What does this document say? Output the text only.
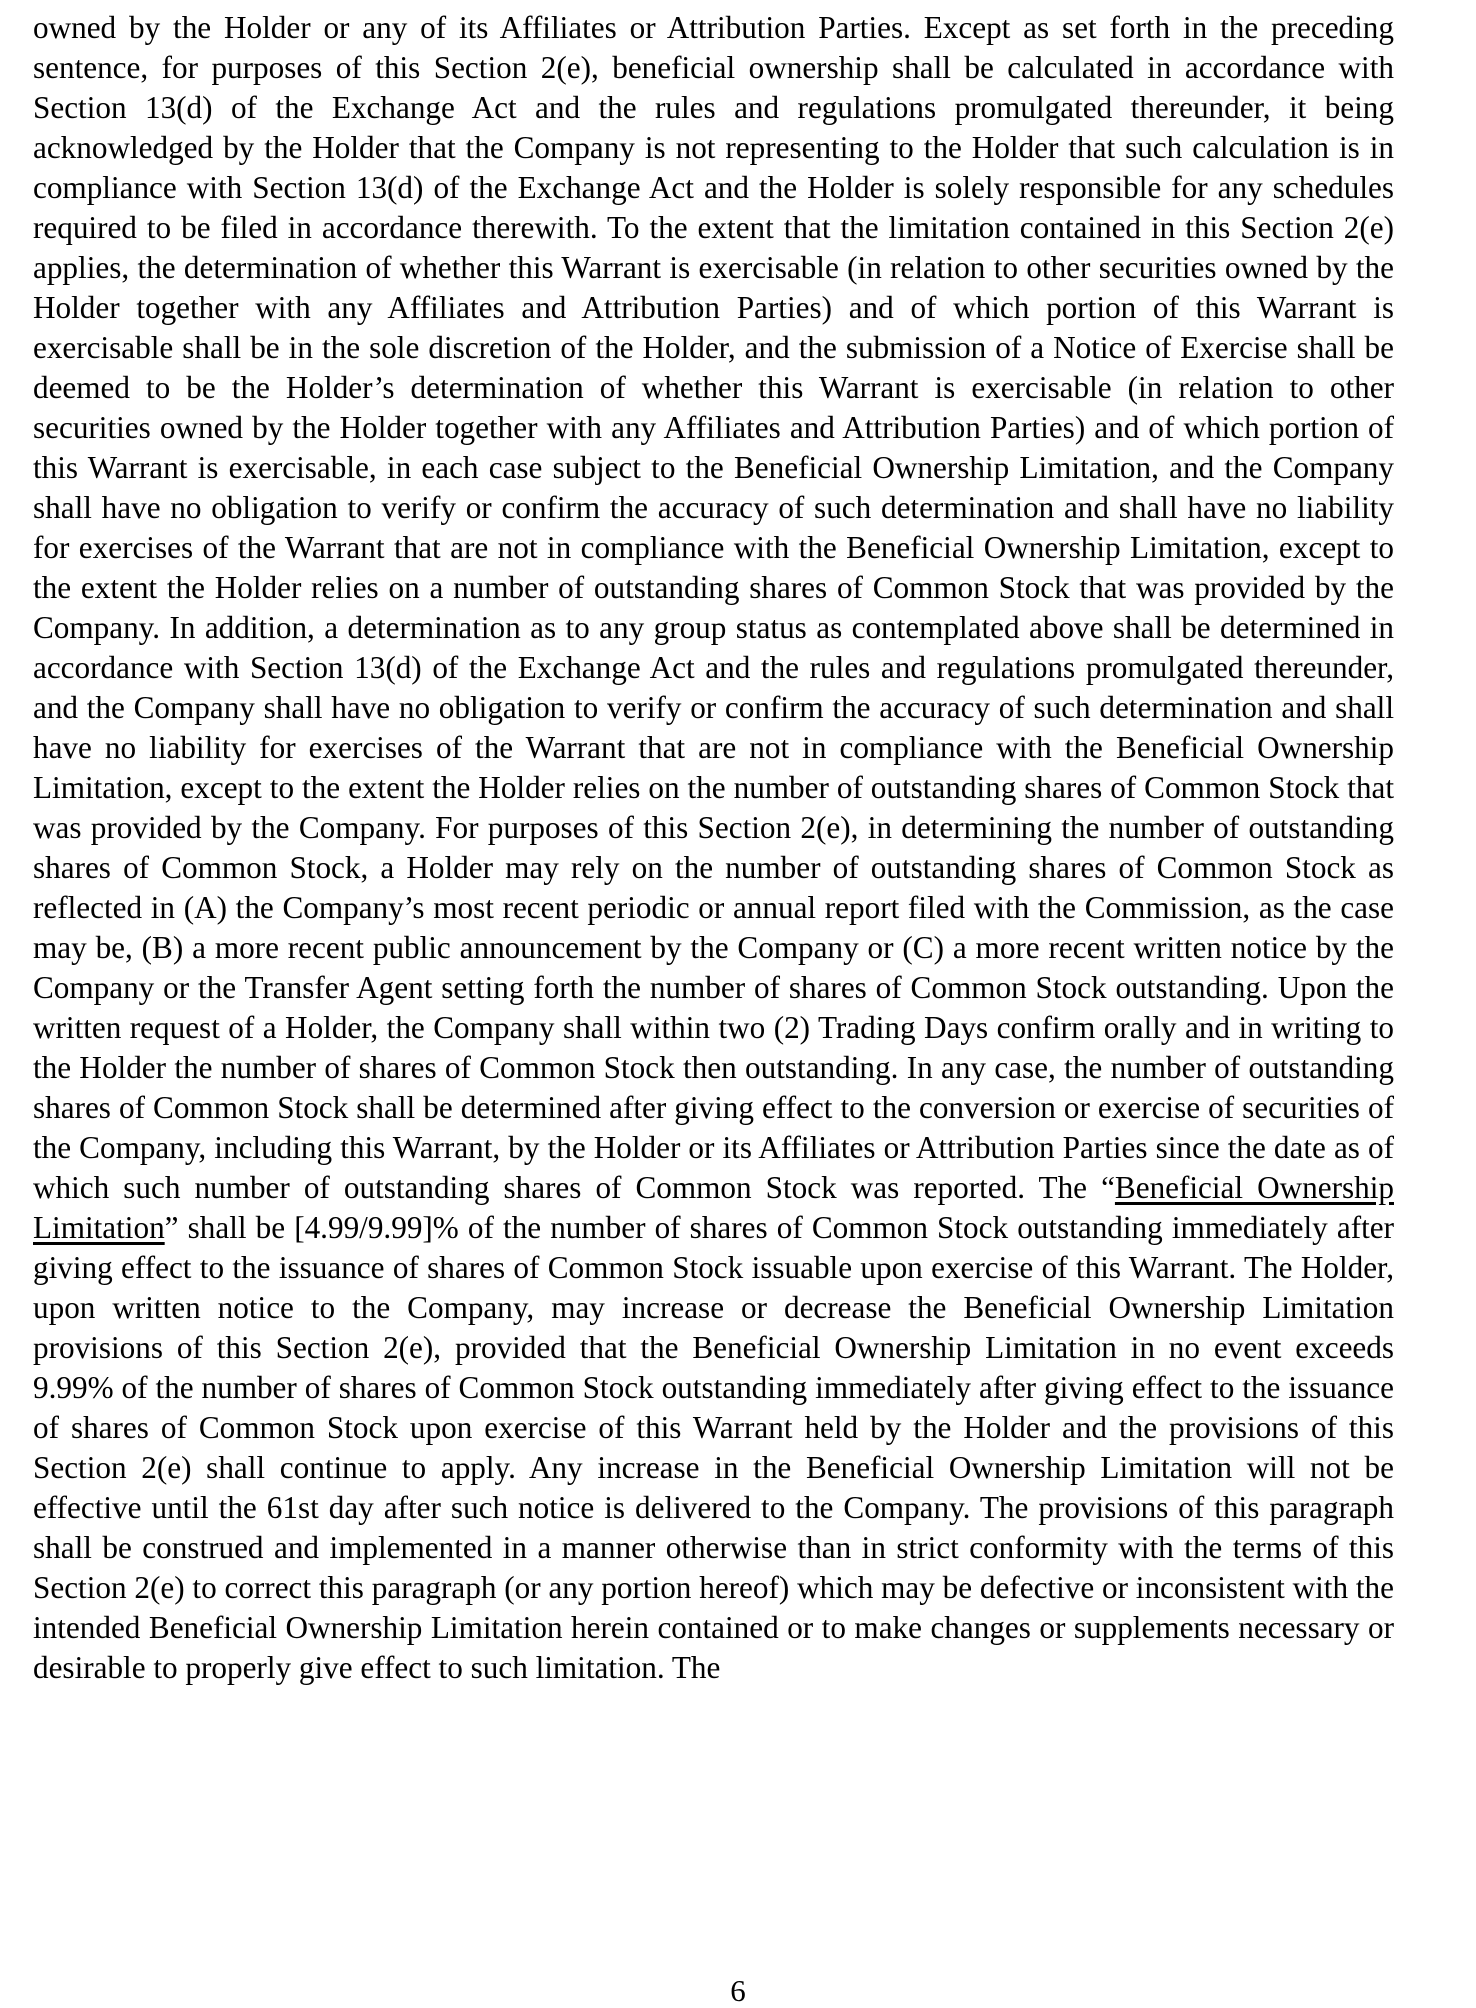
owned by the Holder or any of its Affiliates or Attribution Parties. Except as set forth in the preceding sentence, for purposes of this Section 2(e), beneficial ownership shall be calculated in accordance with Section 13(d) of the Exchange Act and the rules and regulations promulgated thereunder, it being acknowledged by the Holder that the Company is not representing to the Holder that such calculation is in compliance with Section 13(d) of the Exchange Act and the Holder is solely responsible for any schedules required to be filed in accordance therewith. To the extent that the limitation contained in this Section 2(e) applies, the determination of whether this Warrant is exercisable (in relation to other securities owned by the Holder together with any Affiliates and Attribution Parties) and of which portion of this Warrant is exercisable shall be in the sole discretion of the Holder, and the submission of a Notice of Exercise shall be deemed to be the Holder’s determination of whether this Warrant is exercisable (in relation to other securities owned by the Holder together with any Affiliates and Attribution Parties) and of which portion of this Warrant is exercisable, in each case subject to the Beneficial Ownership Limitation, and the Company shall have no obligation to verify or confirm the accuracy of such determination and shall have no liability for exercises of the Warrant that are not in compliance with the Beneficial Ownership Limitation, except to the extent the Holder relies on a number of outstanding shares of Common Stock that was provided by the Company. In addition, a determination as to any group status as contemplated above shall be determined in accordance with Section 13(d) of the Exchange Act and the rules and regulations promulgated thereunder, and the Company shall have no obligation to verify or confirm the accuracy of such determination and shall have no liability for exercises of the Warrant that are not in compliance with the Beneficial Ownership Limitation, except to the extent the Holder relies on the number of outstanding shares of Common Stock that was provided by the Company. For purposes of this Section 2(e), in determining the number of outstanding shares of Common Stock, a Holder may rely on the number of outstanding shares of Common Stock as reflected in (A) the Company’s most recent periodic or annual report filed with the Commission, as the case may be, (B) a more recent public announcement by the Company or (C) a more recent written notice by the Company or the Transfer Agent setting forth the number of shares of Common Stock outstanding. Upon the written request of a Holder, the Company shall within two (2) Trading Days confirm orally and in writing to the Holder the number of shares of Common Stock then outstanding. In any case, the number of outstanding shares of Common Stock shall be determined after giving effect to the conversion or exercise of securities of the Company, including this Warrant, by the Holder or its Affiliates or Attribution Parties since the date as of which such number of outstanding shares of Common Stock was reported. The “Beneficial Ownership Limitation” shall be [4.99/9.99]% of the number of shares of Common Stock outstanding immediately after giving effect to the issuance of shares of Common Stock issuable upon exercise of this Warrant. The Holder, upon written notice to the Company, may increase or decrease the Beneficial Ownership Limitation provisions of this Section 2(e), provided that the Beneficial Ownership Limitation in no event exceeds 9.99% of the number of shares of Common Stock outstanding immediately after giving effect to the issuance of shares of Common Stock upon exercise of this Warrant held by the Holder and the provisions of this Section 2(e) shall continue to apply. Any increase in the Beneficial Ownership Limitation will not be effective until the 61st day after such notice is delivered to the Company. The provisions of this paragraph shall be construed and implemented in a manner otherwise than in strict conformity with the terms of this Section 2(e) to correct this paragraph (or any portion hereof) which may be defective or inconsistent with the intended Beneficial Ownership Limitation herein contained or to make changes or supplements necessary or desirable to properly give effect to such limitation. The

6
